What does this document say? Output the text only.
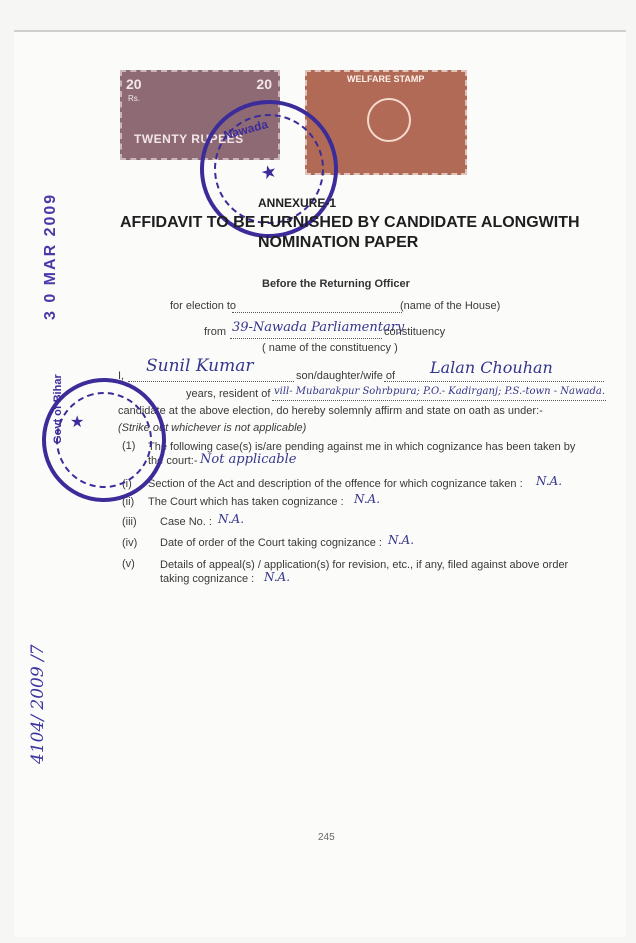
20
Rs.
20
TWENTY RUPEES
WELFARE STAMP
Nawada
★
ANNEXURE-1
AFFIDAVIT TO BE FURNISHED BY CANDIDATE ALONGWITH
NOMINATION PAPER
Before the Returning Officer
for election to	(name of the House)
from 39-Nawada Parliamentary
constituency
( name of the constituency )
I, Sunil Kumar	son/daughter/wife of Lalan Chouhan
years, resident of vill- Mubarakpur Sohrbpura; P.O.- Kadirganj; P.S.-town - Nawada.
candidate at the above election, do hereby solemnly affirm and state on oath as under:-
(Strike out whichever is not applicable)
(1) The following case(s) is/are pending against me in which cognizance has been taken by the court:- Not applicable
(i) Section of the Act and description of the offence for which cognizance taken : N.A.
(ii) The Court which has taken cognizance : N.A.
(iii) Case No. : N.A.
(iv) Date of order of the Court taking cognizance : N.A.
(v) Details of appeal(s) / application(s) for revision, etc., if any, filed against above order taking cognizance : N.A.
Govt of Bihar ★
3 0 MAR 2009
4104/ 2009 /7
245
